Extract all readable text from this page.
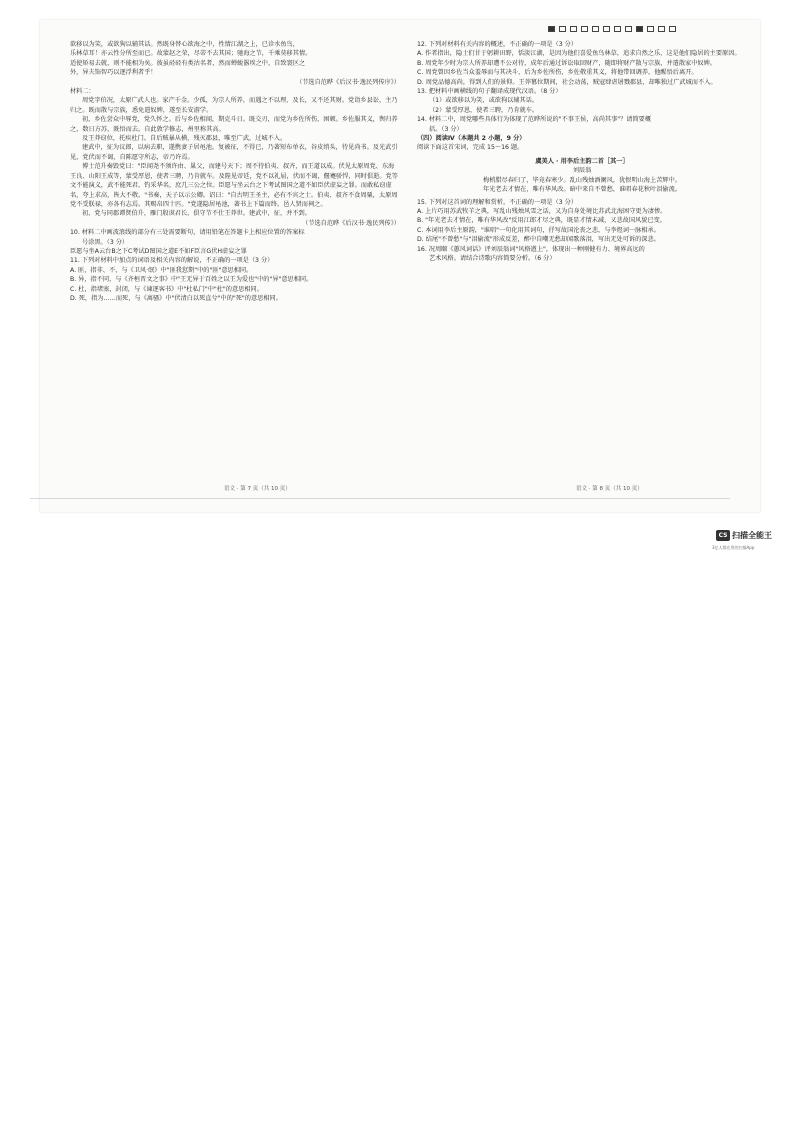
欲移以为笑，或欲狗以辅其话。然既身替心欲海之中，性情江湖之上，已诊水鱼鸟，

乐林草耳！亦云性分所至而已。故蒙赵之荣，尽蒂不去其国；驰海之节，千乘莫移其情。

适使矫易去就，则不能相为矣。彼虽硁硁有类沽名者，然而蝉蜕嚣埃之中，自致寰区之

外，异夫饰智巧以逐浮利者乎！

（节选自范晔《后汉书·逸民列传序》）

材料二：

周党字伯况，太原广武人也。家产千金。少孤，为宗人所养，而遇之不以理，及长，又不还其财。党诣乡县讼，主乃归之。既而散与宗族，悉免遣奴婢，遂至长安游学。

初，乡佐尝众中辱党，党久怀之。后与乡佐相闻，期克斗日。既交刃，而党为乡佐所伤，困顿。乡佐服其义，舆归养之，数日方苏，既悟而去。自此敦学修志，州里称其高。

及王莽窃位，托疾杜门。自后贼暴从横，残灭郡县，唯至广武，过城不入。

建武中，征为议郎，以病去职，遂携妻子居黾池。复被征，不得已，乃著短布单衣，谷皮绡头，待见尚书。及光武引见，党伏而不谒，自陈愿守所志，帝乃许焉。

博士范升奏毁党曰："臣闻尧不须许由、巢父，而建号天下；周不待伯夷、叔齐，而王道以成。伏见太原周党、东海王良、山阳王成等，蒙受厚恩，使者三聘，乃肯就车。及陛见帝廷，党不以礼屈，伏而不谒，偃蹇骄悍，同时俱逝。党等文不能演义，武不能死君，钓采华名，庶几三公之位。臣愿与坐云台之下考试图国之道不如臣伏虚妄之罪。而敢私窃虚名，夸上求高，皆大不敬。"书奏，天子以示公卿。诏曰："自古明王圣主，必有不宾之士。伯夷、叔齐不食周粟，太原周党不受朕禄，亦各有志焉。其赐帛四十匹。"党遂隐居黾池，著书上下篇而终。邑人贤而祠之。

初，党与同郡谭贤伯升，雁门殷谟君长，俱守节不仕王莽世。建武中，征，并不到。

（节选自范晔《后汉书·逸民列传》）

10. 材料二中画波浪线的部分有三处需要断句，请用铅笔在答题卡上相应位置的答案标

号涂黑。（3 分）

臣愿与坐A云台B之下C考试D图国之道E不如F臣言G伏H虚妄之罪

11. 下列对材料中加点的词语及相关内容的解说，不正确的一项是（3 分）

A. 匪，指非、不，与《卫风·氓》中"匪我愆期"中的"匪"意思相同。

B. 异，指不同，与《齐桓晋文之事》中"王无异于百姓之以王为爱也"中的"异"意思相同。

C. 杜，指堵塞，封闭，与《谏逐客书》中"杜私门"中"杜"的意思相同。

D. 死，指为……而死，与《离骚》中"伏清白以死直兮"中的"死"的意思相同。

语文 · 第 7 页（共 10 页）

12. 下列对材料有关内容的概述，不正确的一项是（3 分）

A. 作者指出，隐士们甘于躬耕田野，恬淡江湖，是因为他们喜爱鱼鸟林草，追求自然之乐，这是他们隐居的主要原因。

B. 周党年少时为宗人所养却遭不公对待，成年后通过诉讼取回财产，随即将财产散与宗族，并遣散家中奴婢。

C. 周党曾因乡佐当众羞辱而与其决斗，后为乡佐所伤，乡佐敬重其义，将他带回调养，他醒悟后离开。

D. 周党品德高尚，得到人们的景仰。王莽篡位期间，社会动荡，贼寇肆虐屠戮郡县，却唯独过广武城而不入。

13. 把材料中画横线的句子翻译成现代汉语。（8 分）

（1）或欲移以为笑，或欲狗以辅其话。

（2）蒙受厚恩，使者三聘，乃肯就车。

14. 材料二中，周党哪些具体行为体现了范晔所说的"不事王侯，高尚其事"？请简要概

括。（3 分）

（四）阅读Ⅳ（本题共 2 小题，9 分）

阅读下面这首宋词，完成 15～16 题。

虞美人 · 用李后主韵二首［其一］

刘辰翁

梅梢腊尽春归了，毕竟春寒少。乱山残烛酒阑风，犹恨明山海上苦辉中。

年光老去才情在，唯有华风改。暗中来自不曾愁，谁唱春花秋叶泪偷流。

15. 下列对这首词的理解和赏析，不正确的一项是（3 分）

A. 上片巧用苏武牧羊之典，写乱山残烛风雪之话，又为自身处境比苏武北海困守更为凄惨。

B. "年光老去才情在，唯有华风改"反用江郎才尽之典，既显才情未减，又悲故国风貌已变。

C. 本词用李后主原韵，"谁唱"一句化用其词句，抒写故国沦丧之悲，与李煜词一脉相承。

D. 结尾"不曾愁"与"泪偷流"形成反差，醉中自嘲无愁却闻歌落泪，写出无处可诉的深悲。

16. 况周颐《蕙风词话》评刘辰翁词"风格遒上"，体现出一种刚健有力、境界高远的

艺术风格。请结合诗歌内容简要分析。（6 分）

语文 · 第 8 页（共 10 页）
CS 扫描全能王
3亿人都在用的扫描App
